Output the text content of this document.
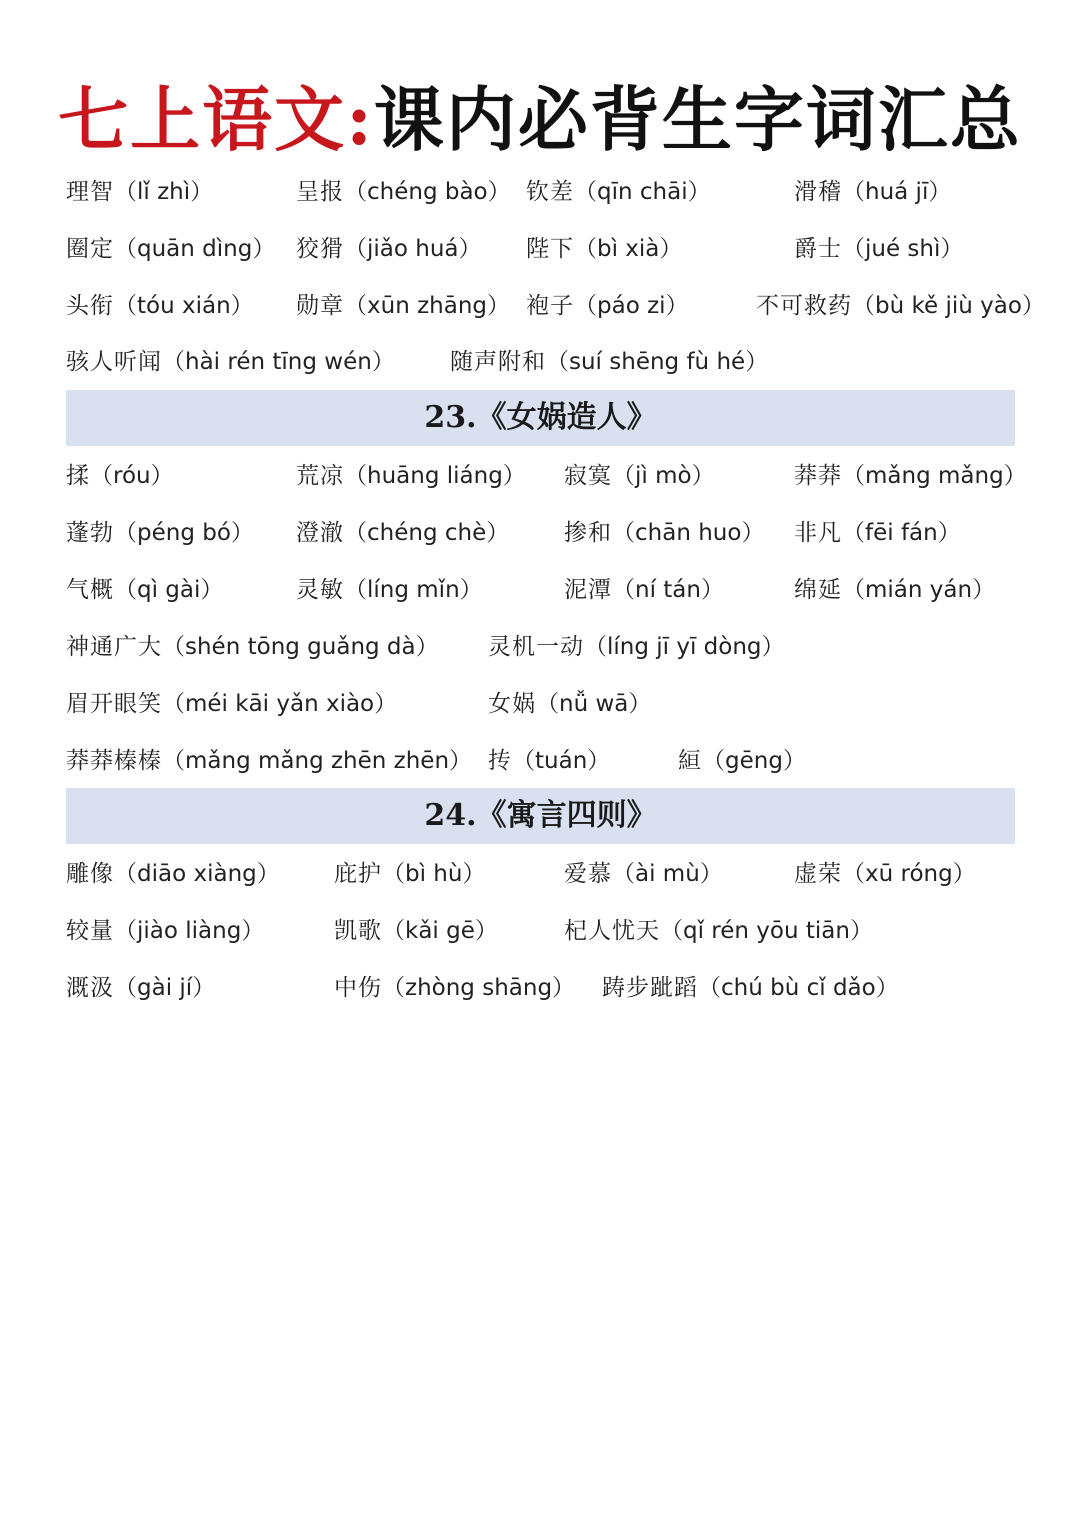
七上语文:课内必背生字词汇总
理智（lǐ zhì）	呈报（chéng bào） 钦差（qīn chāi）	滑稽（huá jī）
圈定（quān dìng） 狡猾（jiǎo huá） 陛下（bì xià）	爵士（jué shì）
头衔（tóu xián） 勋章（xūn zhāng） 袍子（páo zi）	不可救药（bù kě jiù yào）
骇人听闻（hài rén tīng wén） 随声附和（suí shēng fù hé）
23.《女娲造人》
揉（róu）	荒凉（huāng liáng） 寂寞（jì mò）	莽莽（mǎng mǎng）
蓬勃（péng bó） 澄澈（chéng chè） 掺和（chān huo） 非凡（fēi fán）
气概（qì gài）	灵敏（líng mǐn）	泥潭（ní tán）	绵延（mián yán）
神通广大（shén tōng guǎng dà） 灵机一动（líng jī yī dòng）
眉开眼笑（méi kāi yǎn xiào）	女娲（nǚ wā）
莽莽榛榛（mǎng mǎng zhēn zhēn） 抟（tuán）	絙（gēng）
24.《寓言四则》
雕像（diāo xiàng） 庇护（bì hù）	爱慕（ài mù）	虚荣（xū róng）
较量（jiào liàng）	凯歌（kǎi gē）	杞人忧天（qǐ rén yōu tiān）
溉汲（gài jí）	中伤（zhòng shāng） 踌步跐蹈（chú bù cǐ dǎo）
